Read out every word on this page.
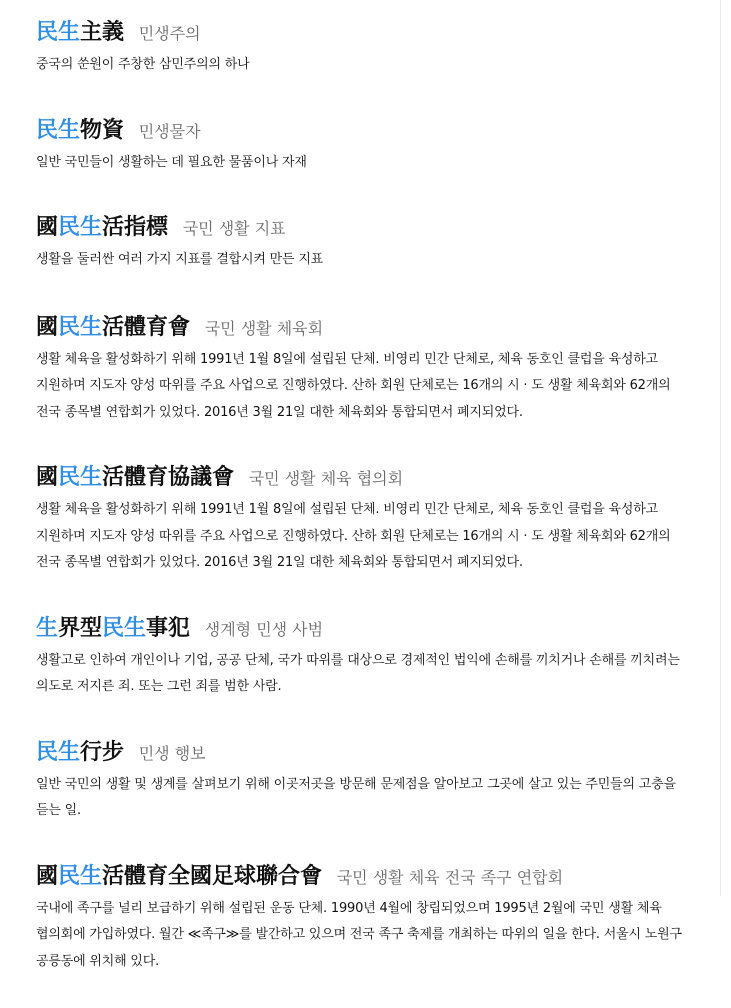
民生主義 민생주의

중국의 쑨원이 주창한 삼민주의의 하나

民生物資 민생물자

일반 국민들이 생활하는 데 필요한 물품이나 자재

國民生活指標 국민 생활 지표

생활을 둘러싼 여러 가지 지표를 결합시켜 만든 지표

國民生活體育會 국민 생활 체육회

생활 체육을 활성화하기 위해 1991년 1월 8일에 설립된 단체. 비영리 민간 단체로, 체육 동호인 클럽을 육성하고 지원하며 지도자 양성 따위를 주요 사업으로 진행하였다. 산하 회원 단체로는 16개의 시 · 도 생활 체육회와 62개의 전국 종목별 연합회가 있었다. 2016년 3월 21일 대한 체육회와 통합되면서 폐지되었다.

國民生活體育協議會 국민 생활 체육 협의회

생활 체육을 활성화하기 위해 1991년 1월 8일에 설립된 단체. 비영리 민간 단체로, 체육 동호인 클럽을 육성하고 지원하며 지도자 양성 따위를 주요 사업으로 진행하였다. 산하 회원 단체로는 16개의 시 · 도 생활 체육회와 62개의 전국 종목별 연합회가 있었다. 2016년 3월 21일 대한 체육회와 통합되면서 폐지되었다.

生界型民生事犯 생계형 민생 사범

생활고로 인하여 개인이나 기업, 공공 단체, 국가 따위를 대상으로 경제적인 법익에 손해를 끼치거나 손해를 끼치려는 의도로 저지른 죄. 또는 그런 죄를 범한 사람.

民生行步 민생 행보

일반 국민의 생활 및 생계를 살펴보기 위해 이곳저곳을 방문해 문제점을 알아보고 그곳에 살고 있는 주민들의 고충을 듣는 일.

國民生活體育全國足球聯合會 국민 생활 체육 전국 족구 연합회

국내에 족구를 널리 보급하기 위해 설립된 운동 단체. 1990년 4월에 창립되었으며 1995년 2월에 국민 생활 체육 협의회에 가입하였다. 월간 ≪족구≫를 발간하고 있으며 전국 족구 축제를 개최하는 따위의 일을 한다. 서울시 노원구 공릉동에 위치해 있다.
